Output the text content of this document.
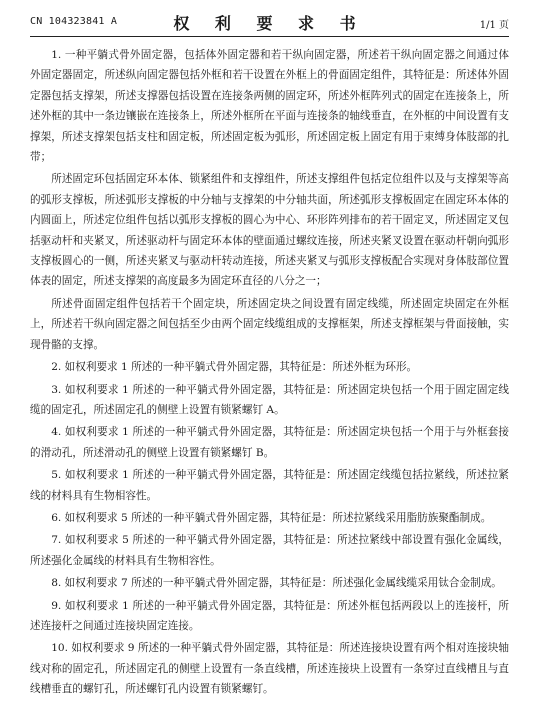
CN 104323841 A	权 利 要 求 书	1/1 页

1. 一种平躺式骨外固定器，包括体外固定器和若干纵向固定器，所述若干纵向固定器之间通过体外固定器固定，所述纵向固定器包括外框和若干设置在外框上的骨面固定组件，其特征是：所述体外固定器包括支撑架，所述支撑器包括设置在连接条两侧的固定环，所述外框阵列式的固定在连接条上，所述外框的其中一条边镶嵌在连接条上，所述外框所在平面与连接条的轴线垂直，在外框的中间设置有支撑架，所述支撑架包括支柱和固定板，所述固定板为弧形，所述固定板上固定有用于束缚身体肢部的扎带；

所述固定环包括固定环本体、锁紧组件和支撑组件，所述支撑组件包括定位组件以及与支撑架等高的弧形支撑板，所述弧形支撑板的中分轴与支撑架的中分轴共面，所述弧形支撑板固定在固定环本体的内圆面上，所述定位组件包括以弧形支撑板的圆心为中心、环形阵列排布的若干固定叉，所述固定叉包括驱动杆和夹紧叉，所述驱动杆与固定环本体的壁面通过螺纹连接，所述夹紧叉设置在驱动杆朝向弧形支撑板圆心的一侧，所述夹紧叉与驱动杆转动连接，所述夹紧叉与弧形支撑板配合实现对身体肢部位置体表的固定，所述支撑架的高度最多为固定环直径的八分之一；

所述骨面固定组件包括若干个固定块，所述固定块之间设置有固定线缆，所述固定块固定在外框上，所述若干纵向固定器之间包括至少由两个固定线缆组成的支撑框架，所述支撑框架与骨面接触，实现骨骼的支撑。

2. 如权利要求 1 所述的一种平躺式骨外固定器，其特征是：所述外框为环形。

3. 如权利要求 1 所述的一种平躺式骨外固定器，其特征是：所述固定块包括一个用于固定固定线缆的固定孔，所述固定孔的侧壁上设置有锁紧螺钉 A。

4. 如权利要求 1 所述的一种平躺式骨外固定器，其特征是：所述固定块包括一个用于与外框套接的滑动孔，所述滑动孔的侧壁上设置有锁紧螺钉 B。

5. 如权利要求 1 所述的一种平躺式骨外固定器，其特征是：所述固定线缆包括拉紧线，所述拉紧线的材料具有生物相容性。

6. 如权利要求 5 所述的一种平躺式骨外固定器，其特征是：所述拉紧线采用脂肪族聚酯制成。

7. 如权利要求 5 所述的一种平躺式骨外固定器，其特征是：所述拉紧线中部设置有强化金属线，所述强化金属线的材料具有生物相容性。

8. 如权利要求 7 所述的一种平躺式骨外固定器，其特征是：所述强化金属线缆采用钛合金制成。

9. 如权利要求 1 所述的一种平躺式骨外固定器，其特征是：所述外框包括两段以上的连接杆，所述连接杆之间通过连接块固定连接。

10. 如权利要求 9 所述的一种平躺式骨外固定器，其特征是：所述连接块设置有两个相对连接块轴线对称的固定孔，所述固定孔的侧壁上设置有一条直线槽，所述连接块上设置有一条穿过直线槽且与直线槽垂直的螺钉孔，所述螺钉孔内设置有锁紧螺钉。
